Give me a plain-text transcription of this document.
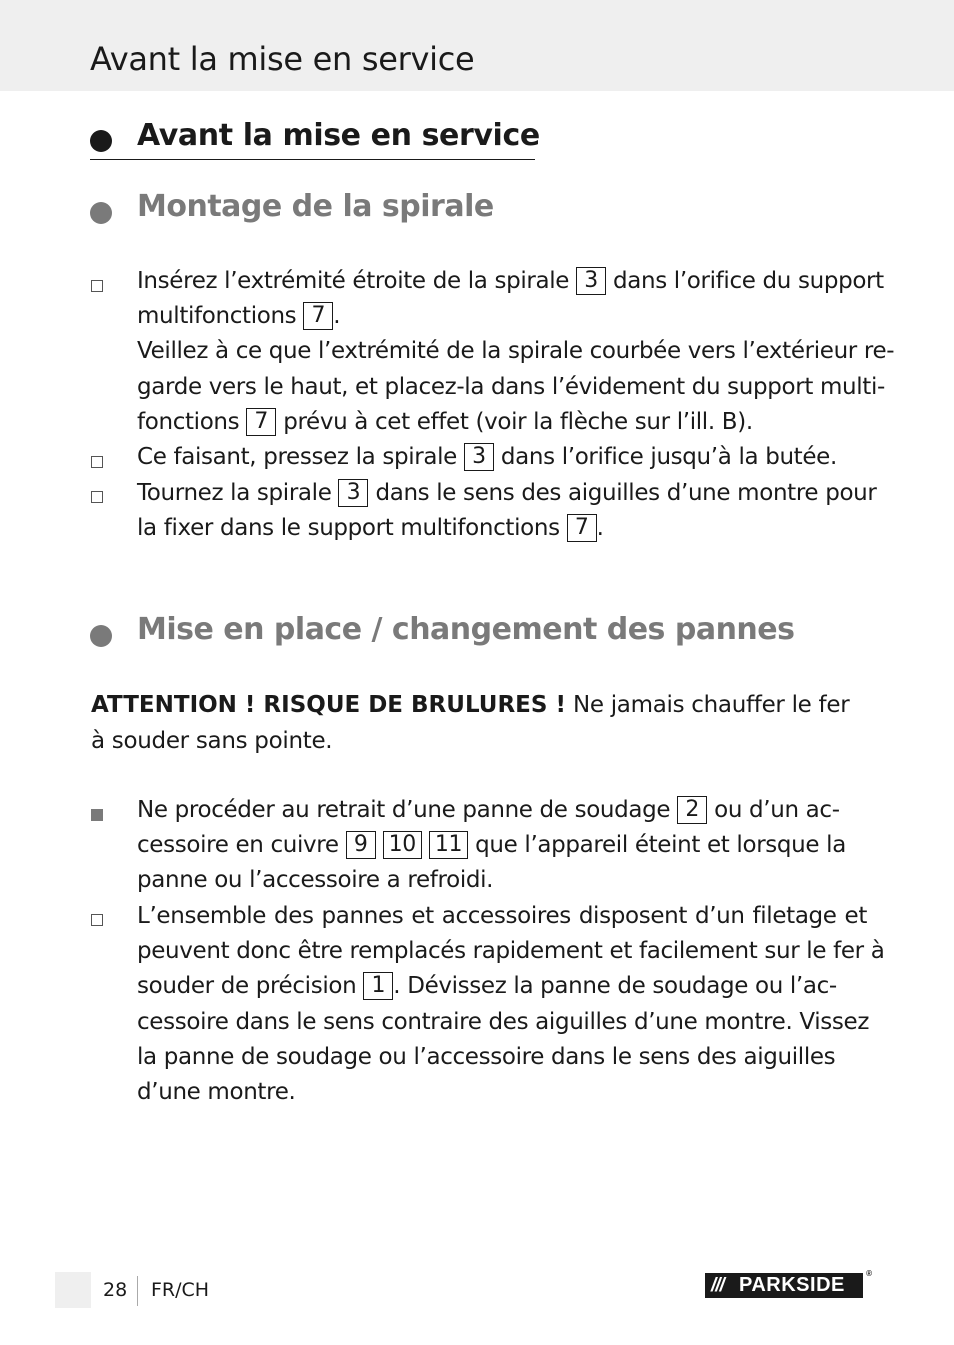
Avant la mise en service
Avant la mise en service
Montage de la spirale
Insérez l’extrémité étroite de la spirale 3 dans l’orifice du support
multifonctions 7 .
Veillez à ce que l’extrémité de la spirale courbée vers l’extérieur re-
garde vers le haut, et placez-la dans l’évidement du support multi-
fonctions 7 prévu à cet effet (voir la flèche sur l’ill. B).
Ce faisant, pressez la spirale 3 dans l’orifice jusqu’à la butée.
Tournez la spirale 3 dans le sens des aiguilles d’une montre pour
la fixer dans le support multifonctions 7 .
Mise en place / changement des pannes
ATTENTION ! RISQUE DE BRULURES ! Ne jamais chauffer le fer
à souder sans pointe.
Ne procéder au retrait d’une panne de soudage 2 ou d’un ac-
cessoire en cuivre 9 10 11 que l’appareil éteint et lorsque la
panne ou l’accessoire a refroidi.
L’ensemble des pannes et accessoires disposent d’un filetage et
peuvent donc être remplacés rapidement et facilement sur le fer à
souder de précision 1 . Dévissez la panne de soudage ou l’ac-
cessoire dans le sens contraire des aiguilles d’une montre. Vissez
la panne de soudage ou l’accessoire dans le sens des aiguilles
d’une montre.
28 FR/CH	/// PARKSIDE
®
